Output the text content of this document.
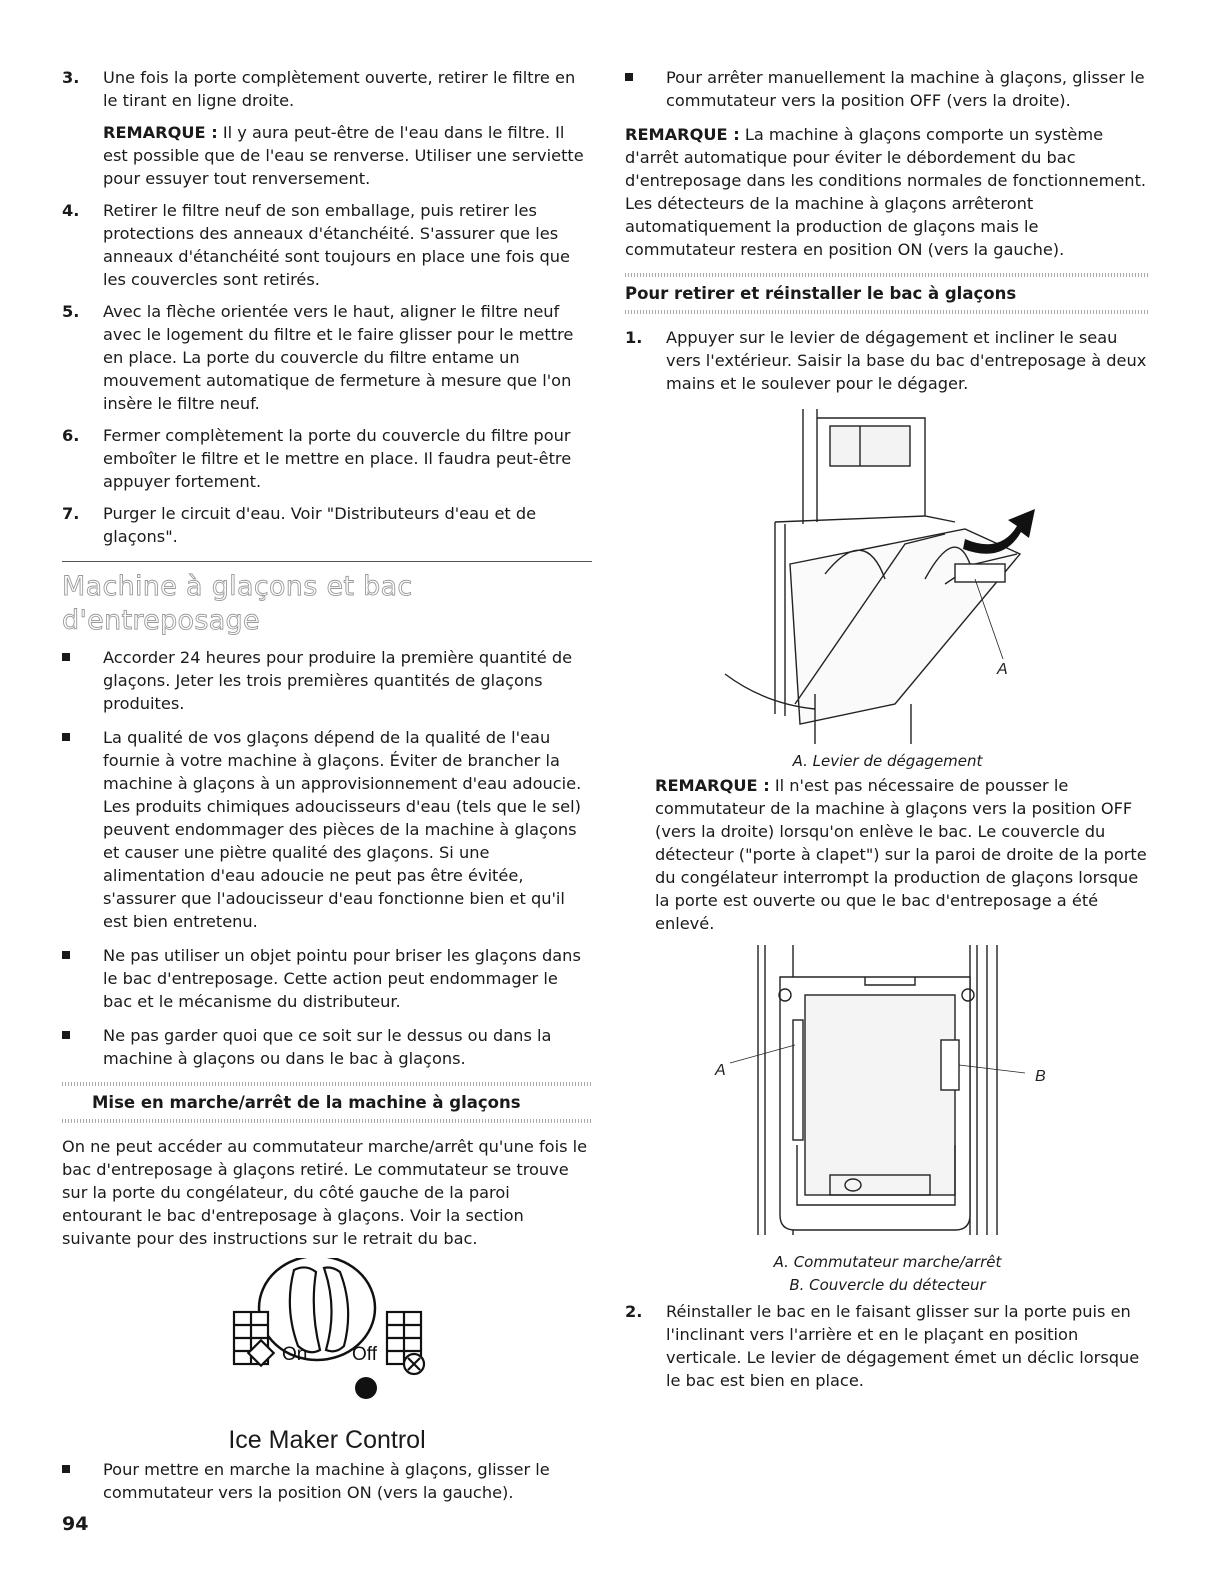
3.	Une fois la porte complètement ouverte, retirer le filtre en le tirant en ligne droite.
REMARQUE : Il y aura peut-être de l'eau dans le filtre. Il est possible que de l'eau se renverse. Utiliser une serviette pour essuyer tout renversement.
4.	Retirer le filtre neuf de son emballage, puis retirer les protections des anneaux d'étanchéité. S'assurer que les anneaux d'étanchéité sont toujours en place une fois que les couvercles sont retirés.
5.	Avec la flèche orientée vers le haut, aligner le filtre neuf avec le logement du filtre et le faire glisser pour le mettre en place. La porte du couvercle du filtre entame un mouvement automatique de fermeture à mesure que l'on insère le filtre neuf.
6.	Fermer complètement la porte du couvercle du filtre pour emboîter le filtre et le mettre en place. Il faudra peut-être appuyer fortement.
7.	Purger le circuit d'eau. Voir "Distributeurs d'eau et de glaçons".
Machine à glaçons et bac d'entreposage
Accorder 24 heures pour produire la première quantité de glaçons. Jeter les trois premières quantités de glaçons produites.
La qualité de vos glaçons dépend de la qualité de l'eau fournie à votre machine à glaçons. Éviter de brancher la machine à glaçons à un approvisionnement d'eau adoucie. Les produits chimiques adoucisseurs d'eau (tels que le sel) peuvent endommager des pièces de la machine à glaçons et causer une piètre qualité des glaçons. Si une alimentation d'eau adoucie ne peut pas être évitée, s'assurer que l'adoucisseur d'eau fonctionne bien et qu'il est bien entretenu.
Ne pas utiliser un objet pointu pour briser les glaçons dans le bac d'entreposage. Cette action peut endommager le bac et le mécanisme du distributeur.
Ne pas garder quoi que ce soit sur le dessus ou dans la machine à glaçons ou dans le bac à glaçons.
Mise en marche/arrêt de la machine à glaçons
On ne peut accéder au commutateur marche/arrêt qu'une fois le bac d'entreposage à glaçons retiré. Le commutateur se trouve sur la porte du congélateur, du côté gauche de la paroi entourant le bac d'entreposage à glaçons. Voir la section suivante pour des instructions sur le retrait du bac.
On Off
Ice Maker Control
Pour mettre en marche la machine à glaçons, glisser le commutateur vers la position ON (vers la gauche).
Pour arrêter manuellement la machine à glaçons, glisser le commutateur vers la position OFF (vers la droite).
REMARQUE : La machine à glaçons comporte un système d'arrêt automatique pour éviter le débordement du bac d'entreposage dans les conditions normales de fonctionnement. Les détecteurs de la machine à glaçons arrêteront automatiquement la production de glaçons mais le commutateur restera en position ON (vers la gauche).
Pour retirer et réinstaller le bac à glaçons
1.	Appuyer sur le levier de dégagement et incliner le seau vers l'extérieur. Saisir la base du bac d'entreposage à deux mains et le soulever pour le dégager.
A
A. Levier de dégagement
REMARQUE : Il n'est pas nécessaire de pousser le commutateur de la machine à glaçons vers la position OFF (vers la droite) lorsqu'on enlève le bac. Le couvercle du détecteur ("porte à clapet") sur la paroi de droite de la porte du congélateur interrompt la production de glaçons lorsque la porte est ouverte ou que le bac d'entreposage a été enlevé.
A	B
A. Commutateur marche/arrêt
B. Couvercle du détecteur
2.	Réinstaller le bac en le faisant glisser sur la porte puis en l'inclinant vers l'arrière et en le plaçant en position verticale. Le levier de dégagement émet un déclic lorsque le bac est bien en place.
94
